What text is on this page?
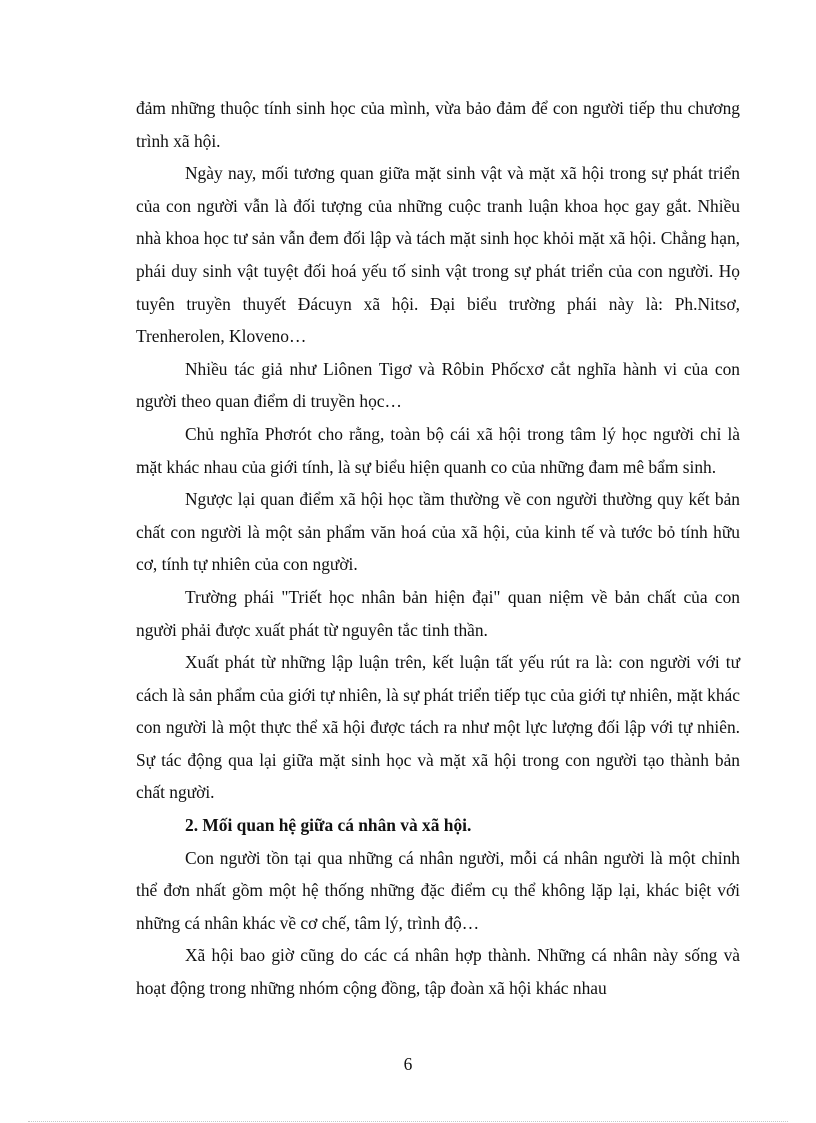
đảm những thuộc tính sinh học của mình, vừa bảo đảm để con người tiếp thu chương trình xã hội.

Ngày nay, mối tương quan giữa mặt sinh vật và mặt xã hội trong sự phát triển của con người vẫn là đối tượng của những cuộc tranh luận khoa học gay gắt. Nhiều nhà khoa học tư sản vẫn đem đối lập và tách mặt sinh học khỏi mặt xã hội. Chẳng hạn, phái duy sinh vật tuyệt đối hoá yếu tố sinh vật trong sự phát triển của con người. Họ tuyên truyền thuyết Đácuyn xã hội. Đại biểu trường phái này là: Ph.Nitsơ, Trenherolen, Kloveno…

Nhiều tác giả như Liônen Tigơ và Rôbin Phốcxơ cắt nghĩa hành vi của con người theo quan điểm di truyền học…

Chủ nghĩa Phơrót cho rằng, toàn bộ cái xã hội trong tâm lý học người chỉ là mặt khác nhau của giới tính, là sự biểu hiện quanh co của những đam mê bẩm sinh.

Ngược lại quan điểm xã hội học tầm thường về con người thường quy kết bản chất con người là một sản phẩm văn hoá của xã hội, của kinh tế và tước bỏ tính hữu cơ, tính tự nhiên của con người.

Trường phái "Triết học nhân bản hiện đại" quan niệm về bản chất của con người phải được xuất phát từ nguyên tắc tinh thần.

Xuất phát từ những lập luận trên, kết luận tất yếu rút ra là: con người với tư cách là sản phẩm của giới tự nhiên, là sự phát triển tiếp tục của giới tự nhiên, mặt khác con người là một thực thể xã hội được tách ra như một lực lượng đối lập với tự nhiên. Sự tác động qua lại giữa mặt sinh học và mặt xã hội trong con người tạo thành bản chất người.

2. Mối quan hệ giữa cá nhân và xã hội.

Con người tồn tại qua những cá nhân người, mỗi cá nhân người là một chỉnh thể đơn nhất gồm một hệ thống những đặc điểm cụ thể không lặp lại, khác biệt với những cá nhân khác về cơ chế, tâm lý, trình độ…

Xã hội bao giờ cũng do các cá nhân hợp thành. Những cá nhân này sống và hoạt động trong những nhóm cộng đồng, tập đoàn xã hội khác nhau

6
